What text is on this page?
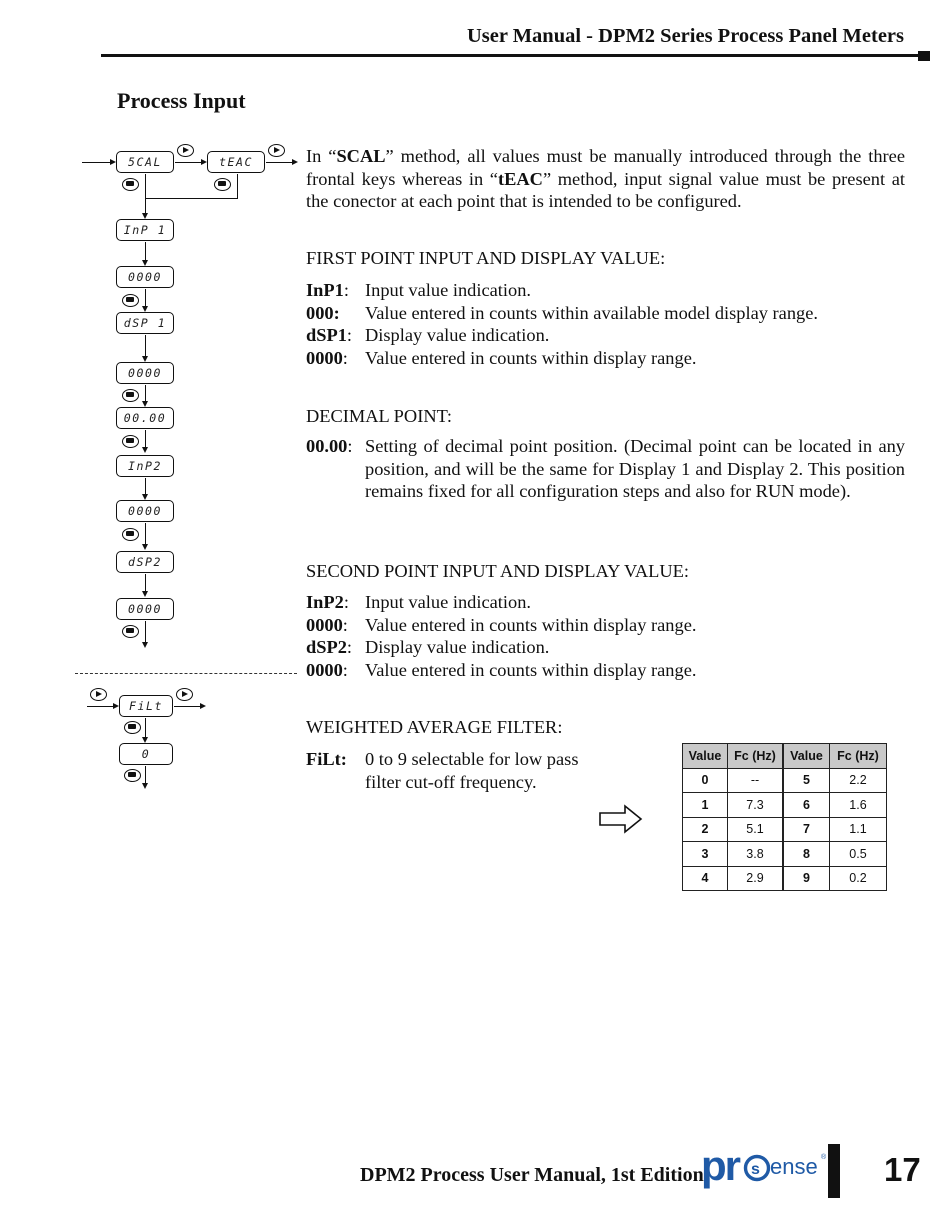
User Manual - DPM2 Series Process Panel Meters
Process Input
In “SCAL” method, all values must be manually introduced through the three frontal keys whereas in “tEAC” method, input signal value must be present at the conector at each point that is intended to be configured.
FIRST POINT INPUT AND DISPLAY VALUE:
InP1: Input value indication.
000:	Value entered in counts within available model display range.
dSP1: Display value indication.
0000: Value entered in counts within display range.
DECIMAL POINT:
00.00: Setting of decimal point position. (Decimal point can be located in any position, and will be the same for Display 1 and Display 2. This position remains fixed for all configuration steps and also for RUN mode).
SECOND POINT INPUT AND DISPLAY VALUE:
InP2: Input value indication.
0000: Value entered in counts within display range.
dSP2: Display value indication.
0000: Value entered in counts within display range.
WEIGHTED AVERAGE FILTER:
FiLt: 0 to 9 selectable for low pass filter cut-off frequency.
Value	Fc (Hz)	Value	Fc (Hz)
0	--	5	2.2
1	7.3	6	1.6
2	5.1	7	1.1
3	3.8	8	0.5
4	2.9	9	0.2
5CAL	tEAC
InP 1
0000
dSP 1
0000
00.00
InP2
0000
dSP2
0000
FiLt
0
DPM2 Process User Manual, 1st Edition
pr s ense ® 17
